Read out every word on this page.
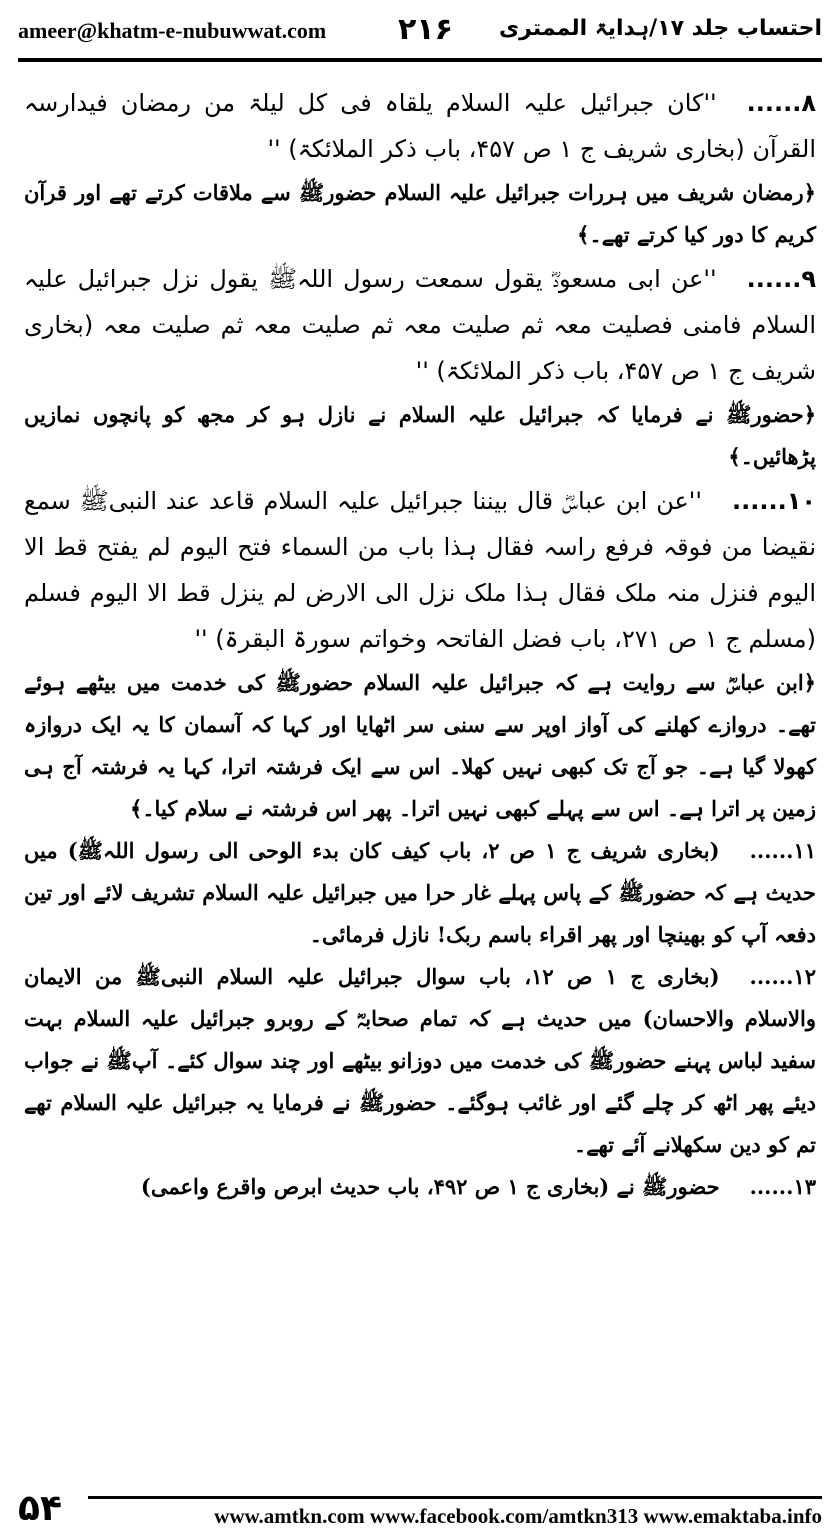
ameer@khatm-e-nubuwwat.com ۲۱۶ احتساب جلد ۱۷/ہدایۃ الممتری

۸......''کان جبرائیل علیہ السلام یلقاہ فی کل لیلۃ من رمضان فیدارسہ القرآن (بخاری شریف ج ۱ ص ۴۵۷، باب ذکر الملائکۃ) ''

﴿رمضان شریف میں ہررات جبرائیل علیہ السلام حضورﷺ سے ملاقات کرتے تھے اور قرآن کریم کا دور کیا کرتے تھے۔﴾

۹......''عن ابی مسعودؓ یقول سمعت رسول اللہﷺ یقول نزل جبرائیل علیہ السلام فامنی فصلیت معہ ثم صلیت معہ ثم صلیت معہ ثم صلیت معہ (بخاری شریف ج ۱ ص ۴۵۷، باب ذکر الملائکۃ) ''

﴿حضورﷺ نے فرمایا کہ جبرائیل علیہ السلام نے نازل ہو کر مجھ کو پانچوں نمازیں پڑھائیں۔﴾

۱۰......''عن ابن عباسؓ قال بیننا جبرائیل علیہ السلام قاعد عند النبیﷺ سمع نقیضا من فوقہ فرفع راسہ فقال ہذا باب من السماء فتح الیوم لم یفتح قط الا الیوم فنزل منہ ملک فقال ہذا ملک نزل الی الارض لم ینزل قط الا الیوم فسلم (مسلم ج ۱ ص ۲۷۱، باب فضل الفاتحہ وخواتم سورۃ البقرۃ) ''

﴿ابن عباسؓ سے روایت ہے کہ جبرائیل علیہ السلام حضورﷺ کی خدمت میں بیٹھے ہوئے تھے۔ دروازے کھلنے کی آواز اوپر سے سنی سر اٹھایا اور کہا کہ آسمان کا یہ ایک دروازہ کھولا گیا ہے۔ جو آج تک کبھی نہیں کھلا۔ اس سے ایک فرشتہ اترا، کہا یہ فرشتہ آج ہی زمین پر اترا ہے۔ اس سے پہلے کبھی نہیں اترا۔ پھر اس فرشتہ نے سلام کیا۔﴾

۱۱......(بخاری شریف ج ۱ ص ۲، باب کیف کان بدء الوحی الی رسول اللہﷺ) میں حدیث ہے کہ حضورﷺ کے پاس پہلے غار حرا میں جبرائیل علیہ السلام تشریف لائے اور تین دفعہ آپ کو بھینچا اور پھر اقراء باسم ربک! نازل فرمائی۔

۱۲......(بخاری ج ۱ ص ۱۲، باب سوال جبرائیل علیہ السلام النبیﷺ من الایمان والاسلام والاحسان) میں حدیث ہے کہ تمام صحابہؓ کے روبرو جبرائیل علیہ السلام بہت سفید لباس پہنے حضورﷺ کی خدمت میں دوزانو بیٹھے اور چند سوال کئے۔ آپﷺ نے جواب دیئے پھر اٹھ کر چلے گئے اور غائب ہوگئے۔ حضورﷺ نے فرمایا یہ جبرائیل علیہ السلام تھے تم کو دین سکھلانے آئے تھے۔

۱۳......حضورﷺ نے (بخاری ج ۱ ص ۴۹۲، باب حدیث ابرص واقرع واعمی)

۵۴	www.amtkn.com www.facebook.com/amtkn313 www.emaktaba.info
